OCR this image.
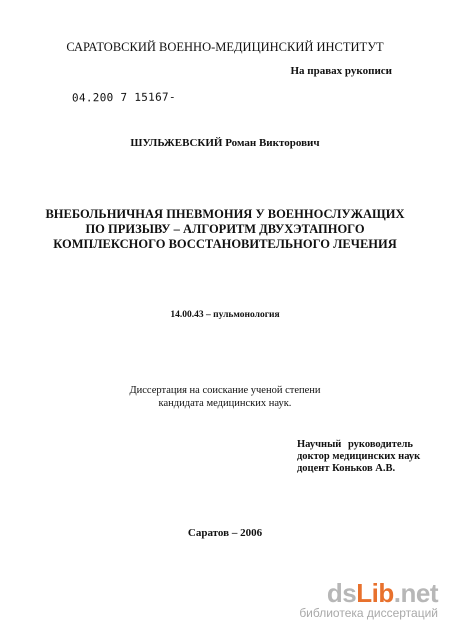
САРАТОВСКИЙ ВОЕННО-МЕДИЦИНСКИЙ ИНСТИТУТ
На правах рукописи
04.200 7 15167-
ШУЛЬЖЕВСКИЙ Роман Викторович
ВНЕБОЛЬНИЧНАЯ ПНЕВМОНИЯ У ВОЕННОСЛУЖАЩИХ
ПО ПРИЗЫВУ – АЛГОРИТМ ДВУХЭТАПНОГО
КОМПЛЕКСНОГО ВОССТАНОВИТЕЛЬНОГО ЛЕЧЕНИЯ
14.00.43 – пульмонология
Диссертация на соискание ученой степени
кандидата медицинских наук.
Научный руководитель
доктор медицинских наук
доцент Коньков А.В.
Саратов – 2006
dsLib.net
библиотека диссертаций
